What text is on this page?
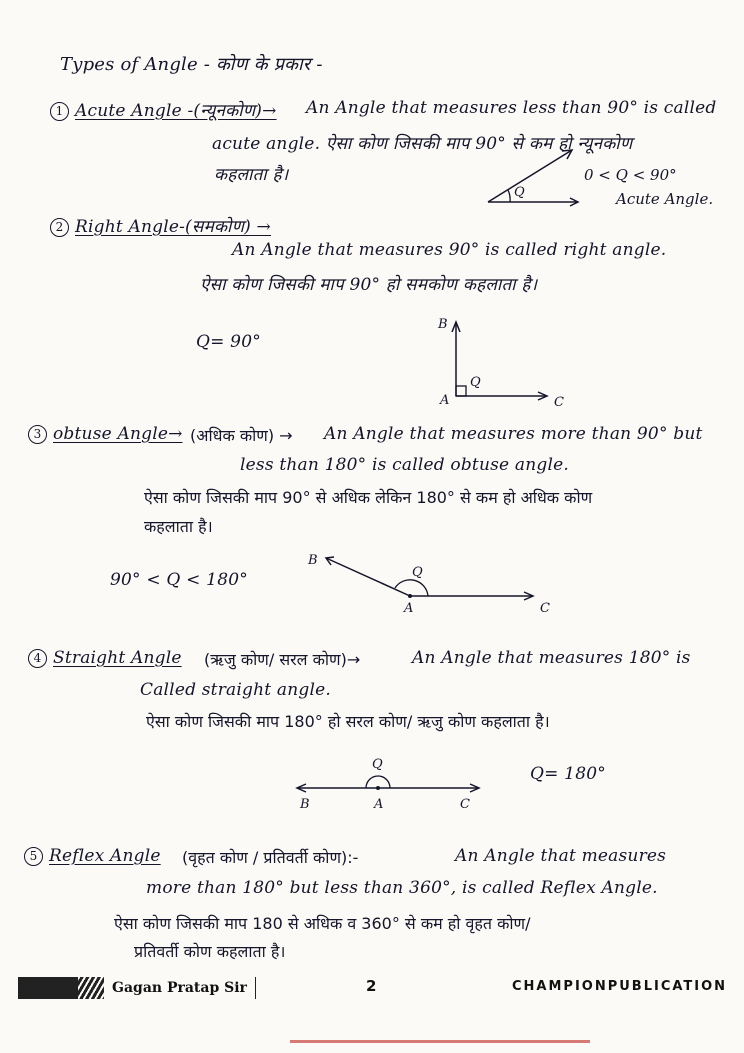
Types of Angle - कोण के प्रकार -
1 Acute Angle -(न्यूनकोण)→ An Angle that measures less than 90° is called
acute angle. ऐसा कोण जिसकी माप 90° से कम हो न्यूनकोण
कहलाता है।
Q
0 < Q < 90°
Acute Angle.
2 Right Angle-(समकोण) →
An Angle that measures 90° is called right angle.
ऐसा कोण जिसकी माप 90° हो समकोण कहलाता है।
Q= 90°
B
A	C
Q
3 obtuse Angle→ (अधिक कोण) → An Angle that measures more than 90° but
less than 180° is called obtuse angle.
ऐसा कोण जिसकी माप 90° से अधिक लेकिन 180° से कम हो अधिक कोण
कहलाता है।
90° < Q < 180°
B
A	C
Q
4 Straight Angle (ऋजु कोण/ सरल कोण)→	An Angle that measures 180° is
Called straight angle.
ऐसा कोण जिसकी माप 180° हो सरल कोण/ ऋजु कोण कहलाता है।
Q= 180°
B	A	C
Q
5 Reflex Angle (वृहत कोण / प्रतिवर्ती कोण):-	An Angle that measures
more than 180° but less than 360°, is called Reflex Angle.
ऐसा कोण जिसकी माप 180 से अधिक व 360° से कम हो वृहत कोण/
प्रतिवर्ती कोण कहलाता है।
Gagan Pratap Sir	2	CHAMPIONPUBLICATION
